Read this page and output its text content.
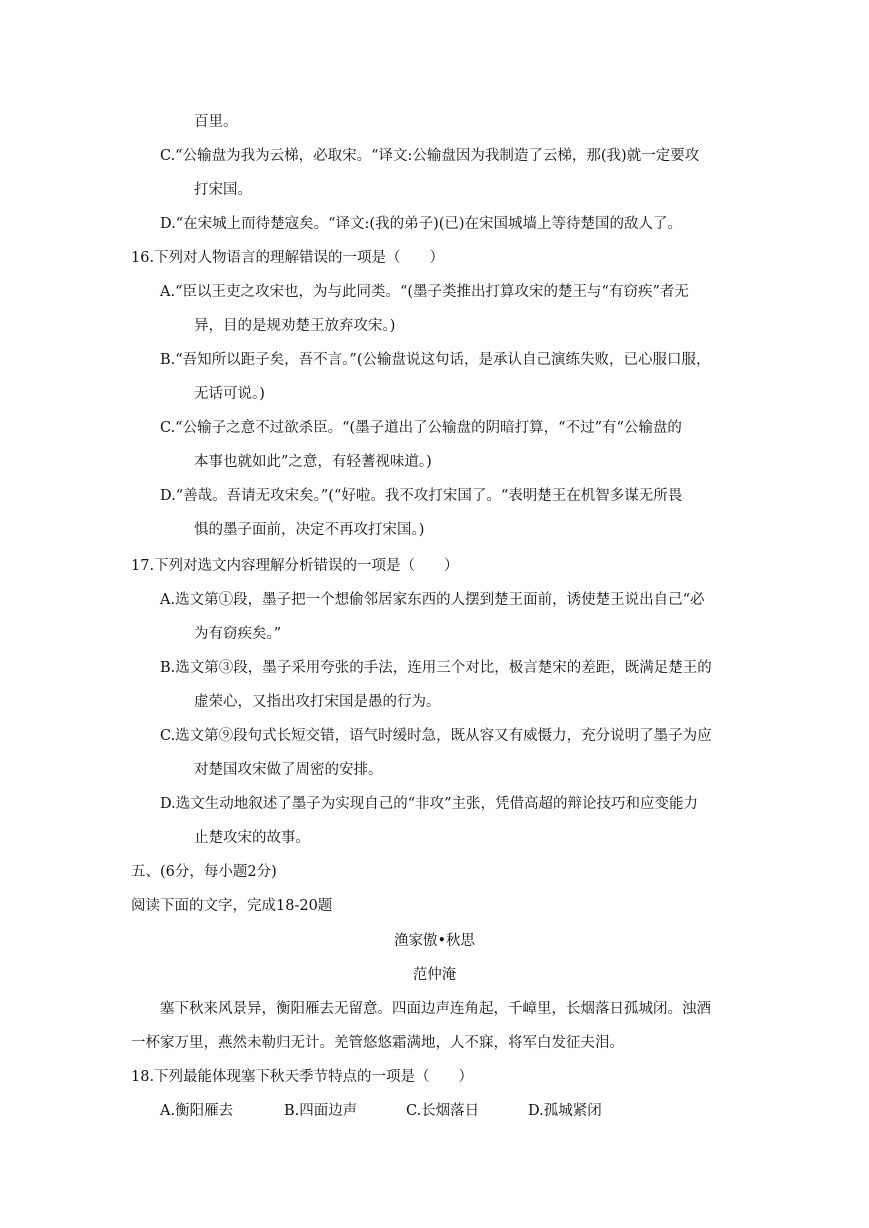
百里。
C.“公输盘为我为云梯，必取宋。“译文:公输盘因为我制造了云梯，那(我)就一定要攻
打宋国。
D.“在宋城上而待楚寇矣。“译文:(我的弟子)(已)在宋国城墙上等待楚国的敌人了。
16.下列对人物语言的理解错误的一项是（　　）
A.“臣以王吏之攻宋也，为与此同类。“(墨子类推出打算攻宋的楚王与“有窃疾”者无
异，目的是规劝楚王放弃攻宋。)
B.“吾知所以距子矣，吾不言。”(公输盘说这句话，是承认自己演练失败，已心服口服，
无话可说。)
C.“公输子之意不过欲杀臣。“(墨子道出了公输盘的阴暗打算，“不过”有“公输盘的
本事也就如此”之意，有轻蓍视味道。)
D.“善哉。吾请无攻宋矣。”(“好啦。我不攻打宋国了。“表明楚王在机智多谋无所畏
惧的墨子面前，决定不再攻打宋国。)
17.下列对选文内容理解分析错误的一项是（　　）
A.选文第①段，墨子把一个想偷邻居家东西的人摆到楚王面前，诱使楚王说出自己“必
为有窃疾矣。”
B.选文第③段，墨子采用夸张的手法，连用三个对比，极言楚宋的差距，既满足楚王的
虚荣心，又指出攻打宋国是愚的行为。
C.选文第⑨段句式长短交错，语气时缓时急，既从容又有威慑力，充分说明了墨子为应
对楚国攻宋做了周密的安排。
D.选文生动地叙述了墨子为实现自己的“非攻”主张，凭借高超的辩论技巧和应变能力
止楚攻宋的故事。
五、(6分，每小题2分)
阅读下面的文字，完成18-20题
渔家傲•秋思
范仲淹
塞下秋来风景异，衡阳雁去无留意。四面边声连角起，千嶂里，长烟落日孤城闭。浊酒
一杯家万里，燕然未勒归无计。羌管悠悠霜满地，人不寐，将军白发征夫泪。
18.下列最能体现塞下秋天季节特点的一项是（　　）
A.衡阳雁去	B.四面边声	C.长烟落日	D.孤城紧闭
